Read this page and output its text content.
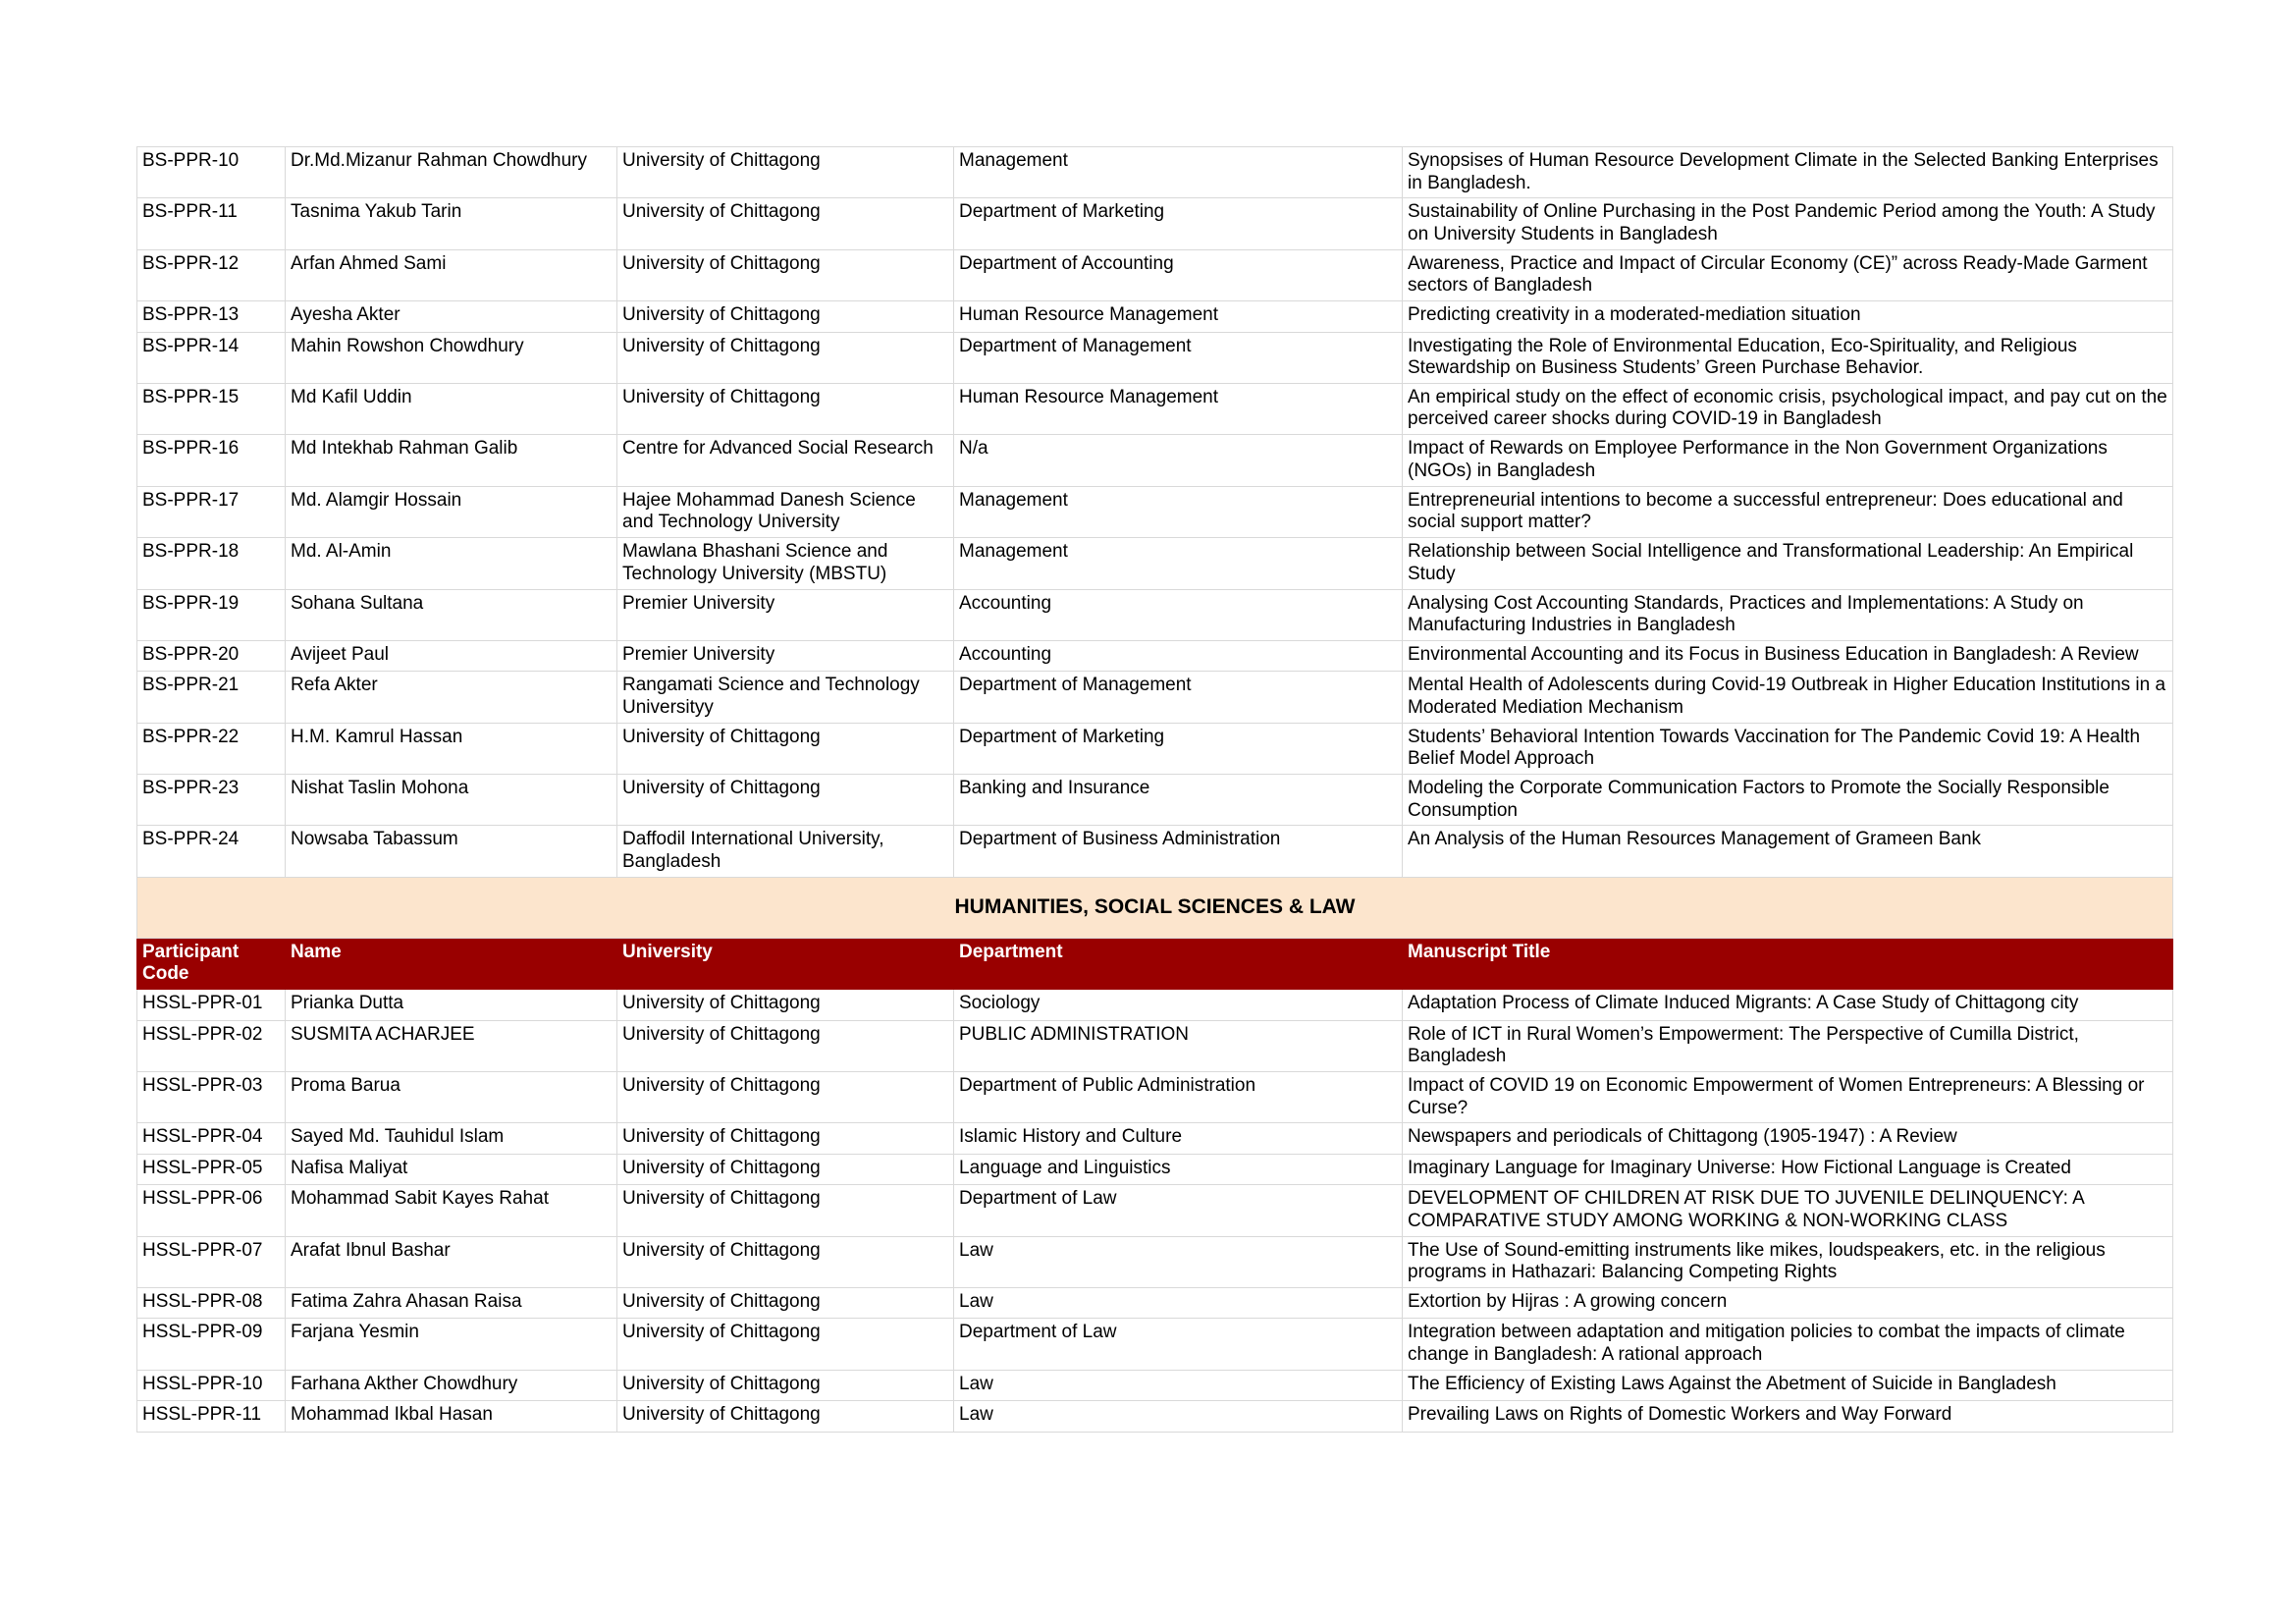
BS-PPR-10	Dr.Md.Mizanur Rahman Chowdhury	University of Chittagong	Management	Synopsises of Human Resource Development Climate in the Selected Banking Enterprises in Bangladesh.
BS-PPR-11	Tasnima Yakub Tarin	University of Chittagong	Department of Marketing	Sustainability of Online Purchasing in the Post Pandemic Period among the Youth: A Study on University Students in Bangladesh
BS-PPR-12	Arfan Ahmed Sami	University of Chittagong	Department of Accounting	Awareness, Practice and Impact of Circular Economy (CE)” across Ready-Made Garment sectors of Bangladesh
BS-PPR-13	Ayesha Akter	University of Chittagong	Human Resource Management	Predicting creativity in a moderated-mediation situation
BS-PPR-14	Mahin Rowshon Chowdhury	University of Chittagong	Department of Management	Investigating the Role of Environmental Education, Eco-Spirituality, and Religious Stewardship on Business Students’ Green Purchase Behavior.
BS-PPR-15	Md Kafil Uddin	University of Chittagong	Human Resource Management	An empirical study on the effect of economic crisis, psychological impact, and pay cut on the perceived career shocks during COVID-19 in Bangladesh
BS-PPR-16	Md Intekhab Rahman Galib	Centre for Advanced Social Research	N/a	Impact of Rewards on Employee Performance in the Non Government Organizations (NGOs) in Bangladesh
BS-PPR-17	Md. Alamgir Hossain	Hajee Mohammad Danesh Science and Technology University	Management	Entrepreneurial intentions to become a successful entrepreneur: Does educational and social support matter?
BS-PPR-18	Md. Al-Amin	Mawlana Bhashani Science and Technology University (MBSTU)	Management	Relationship between Social Intelligence and Transformational Leadership: An Empirical Study
BS-PPR-19	Sohana Sultana	Premier University	Accounting	Analysing Cost Accounting Standards, Practices and Implementations: A Study on Manufacturing Industries in Bangladesh
BS-PPR-20	Avijeet Paul	Premier University	Accounting	Environmental Accounting and its Focus in Business Education in Bangladesh: A Review
BS-PPR-21	Refa Akter	Rangamati Science and Technology Universityy	Department of Management	Mental Health of Adolescents during Covid-19 Outbreak in Higher Education Institutions in a Moderated Mediation Mechanism
BS-PPR-22	H.M. Kamrul Hassan	University of Chittagong	Department of Marketing	Students’ Behavioral Intention Towards Vaccination for The Pandemic Covid 19: A Health Belief Model Approach
BS-PPR-23	Nishat Taslin Mohona	University of Chittagong	Banking and Insurance	Modeling the Corporate Communication Factors to Promote the Socially Responsible Consumption
BS-PPR-24	Nowsaba Tabassum	Daffodil International University, Bangladesh	Department of Business Administration	An Analysis of the Human Resources Management of Grameen Bank
HUMANITIES, SOCIAL SCIENCES & LAW				
Participant Code	Name	University	Department	Manuscript Title
HSSL-PPR-01	Prianka Dutta	University of Chittagong	Sociology	Adaptation Process of Climate Induced Migrants: A Case Study of Chittagong city
HSSL-PPR-02	SUSMITA ACHARJEE	University of Chittagong	PUBLIC ADMINISTRATION	Role of ICT in Rural Women’s Empowerment: The Perspective of Cumilla District, Bangladesh
HSSL-PPR-03	Proma Barua	University of Chittagong	Department of Public Administration	Impact of COVID 19 on Economic Empowerment of Women Entrepreneurs: A Blessing or Curse?
HSSL-PPR-04	Sayed Md. Tauhidul Islam	University of Chittagong	Islamic History and Culture	Newspapers and periodicals of Chittagong (1905-1947) : A Review
HSSL-PPR-05	Nafisa Maliyat	University of Chittagong	Language and Linguistics	Imaginary Language for Imaginary Universe: How Fictional Language is Created
HSSL-PPR-06	Mohammad Sabit Kayes Rahat	University of Chittagong	Department of Law	DEVELOPMENT OF CHILDREN AT RISK DUE TO JUVENILE DELINQUENCY: A COMPARATIVE STUDY AMONG WORKING & NON-WORKING CLASS
HSSL-PPR-07	Arafat Ibnul Bashar	University of Chittagong	Law	The Use of Sound-emitting instruments like mikes, loudspeakers, etc. in the religious programs in Hathazari: Balancing Competing Rights
HSSL-PPR-08	Fatima Zahra Ahasan Raisa	University of Chittagong	Law	Extortion by Hijras : A growing concern
HSSL-PPR-09	Farjana Yesmin	University of Chittagong	Department of Law	Integration between adaptation and mitigation policies to combat the impacts of climate change in Bangladesh: A rational approach
HSSL-PPR-10	Farhana Akther Chowdhury	University of Chittagong	Law	The Efficiency of Existing Laws Against the Abetment of Suicide in Bangladesh
HSSL-PPR-11	Mohammad Ikbal Hasan	University of Chittagong	Law	Prevailing Laws on Rights of Domestic Workers and Way Forward
